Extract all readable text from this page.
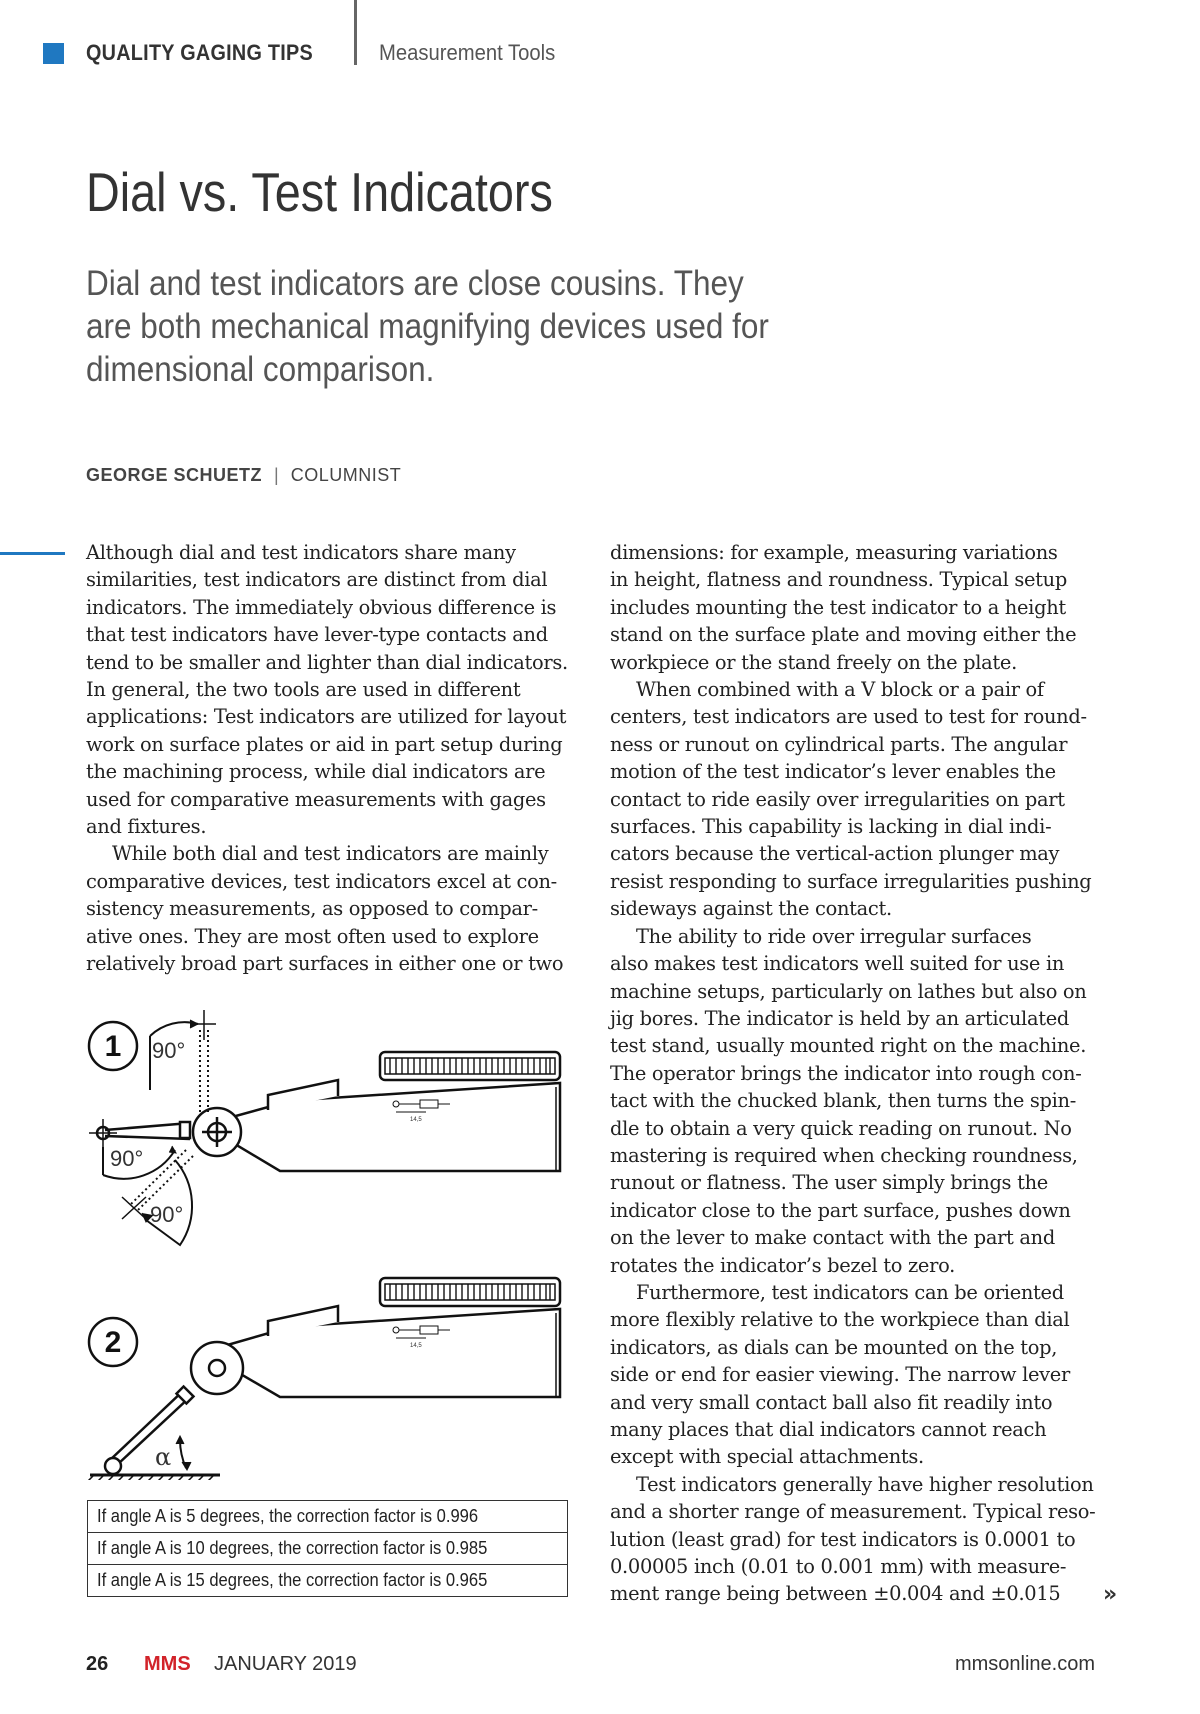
QUALITY GAGING TIPS	Measurement Tools
Dial vs. Test Indicators

Dial and test indicators are close cousins. They are both mechanical magnifying devices used for dimensional comparison.

GEORGE SCHUETZ | COLUMNIST
Although dial and test indicators share many
similarities, test indicators are distinct from dial
indicators. The immediately obvious difference is
that test indicators have lever-type contacts and
tend to be smaller and lighter than dial indicators.
In general, the two tools are used in different
applications: Test indicators are utilized for layout
work on surface plates or aid in part setup during
the machining process, while dial indicators are
used for comparative measurements with gages
and fixtures.
While both dial and test indicators are mainly
comparative devices, test indicators excel at con-
sistency measurements, as opposed to compar-
ative ones. They are most often used to explore
relatively broad part surfaces in either one or two
dimensions: for example, measuring variations
in height, flatness and roundness. Typical setup
includes mounting the test indicator to a height
stand on the surface plate and moving either the
workpiece or the stand freely on the plate.
When combined with a V block or a pair of
centers, test indicators are used to test for round-
ness or runout on cylindrical parts. The angular
motion of the test indicator’s lever enables the
contact to ride easily over irregularities on part
surfaces. This capability is lacking in dial indi-
cators because the vertical-action plunger may
resist responding to surface irregularities pushing
sideways against the contact.
The ability to ride over irregular surfaces
also makes test indicators well suited for use in
machine setups, particularly on lathes but also on
jig bores. The indicator is held by an articulated
test stand, usually mounted right on the machine.
The operator brings the indicator into rough con-
tact with the chucked blank, then turns the spin-
dle to obtain a very quick reading on runout. No
mastering is required when checking roundness,
runout or flatness. The user simply brings the
indicator close to the part surface, pushes down
on the lever to make contact with the part and
rotates the indicator’s bezel to zero.
Furthermore, test indicators can be oriented
more flexibly relative to the workpiece than dial
indicators, as dials can be mounted on the top,
side or end for easier viewing. The narrow lever
and very small contact ball also fit readily into
many places that dial indicators cannot reach
except with special attachments.
Test indicators generally have higher resolution
and a shorter range of measurement. Typical reso-
lution (least grad) for test indicators is 0.0001 to
0.00005 inch (0.01 to 0.001 mm) with measure-
ment range being between ±0.004 and ±0.015
1 90°
90°
90°
14,5
2
α
14,5
If angle A is 5 degrees, the correction factor is 0.996
If angle A is 10 degrees, the correction factor is 0.985
If angle A is 15 degrees, the correction factor is 0.965
››
26 MMS JANUARY 2019	mmsonline.com
